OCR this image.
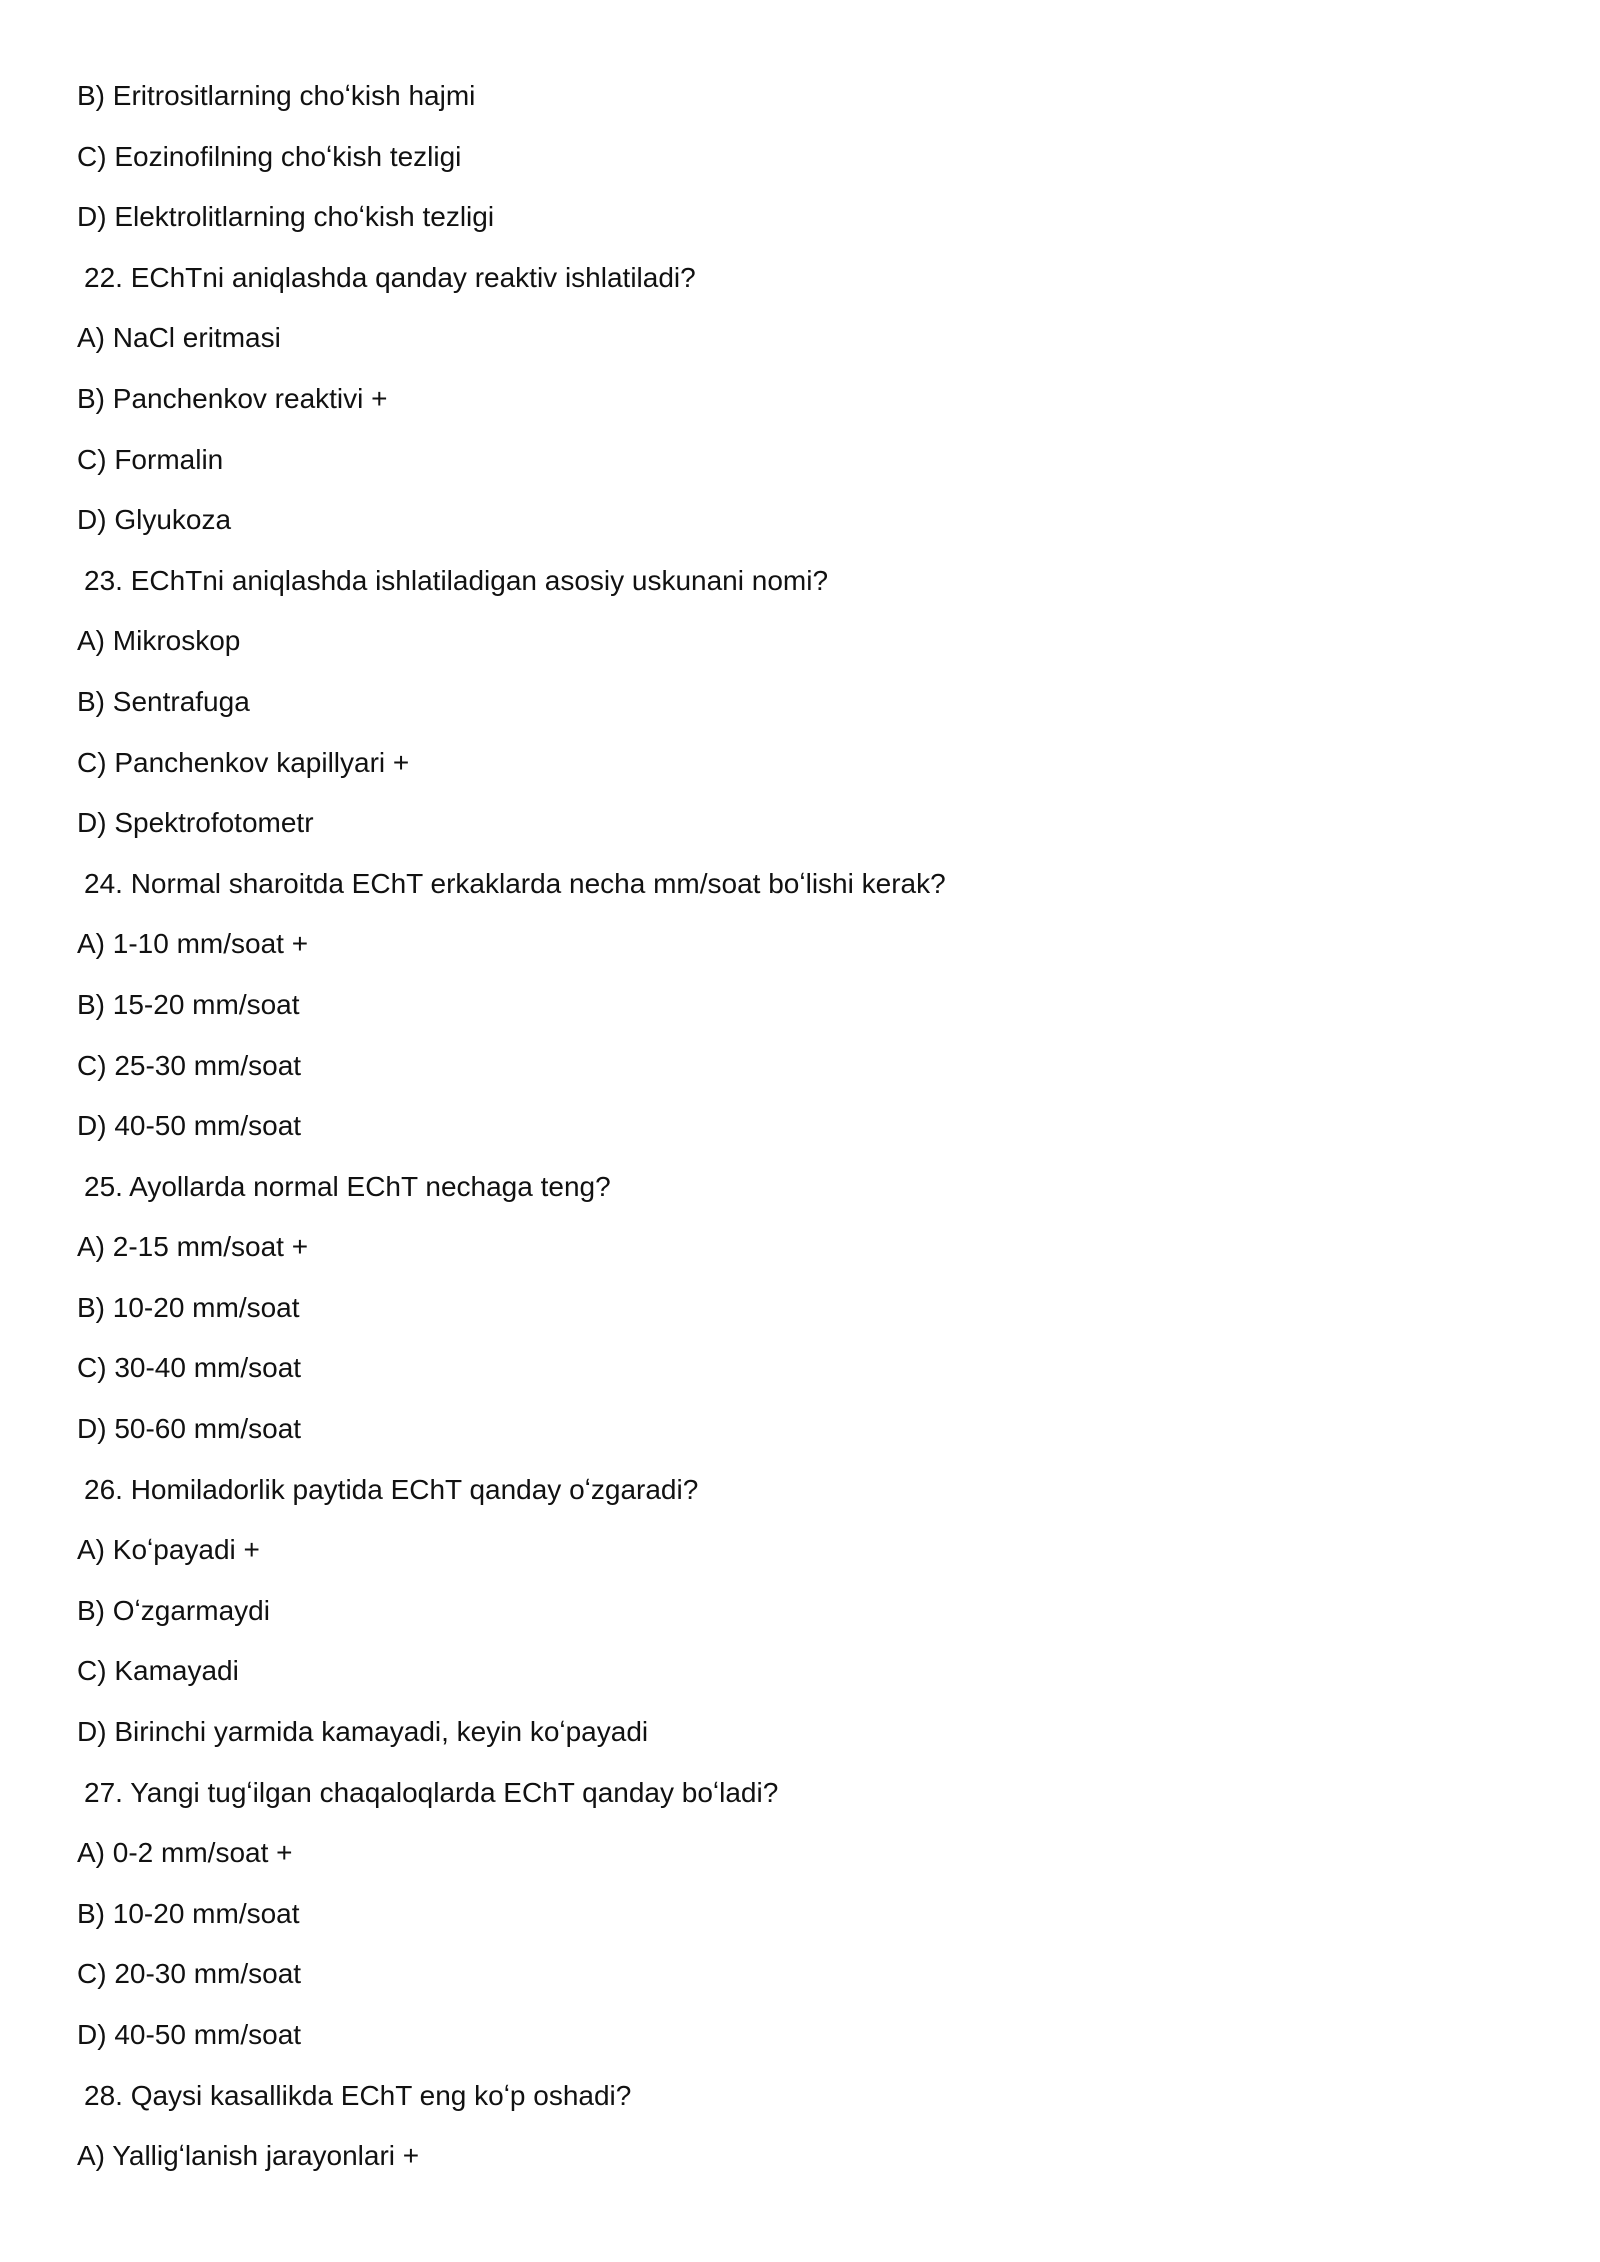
B) Eritrositlarning choʻkish hajmi
C) Eozinofilning choʻkish tezligi
D) Elektrolitlarning choʻkish tezligi
22. EChTni aniqlashda qanday reaktiv ishlatiladi?
A) NaCl eritmasi
B) Panchenkov reaktivi +
C) Formalin
D) Glyukoza
23. EChTni aniqlashda ishlatiladigan asosiy uskunani nomi?
A) Mikroskop
B) Sentrafuga
C) Panchenkov kapillyari +
D) Spektrofotometr
24. Normal sharoitda EChT erkaklarda necha mm/soat boʻlishi kerak?
A) 1-10 mm/soat +
B) 15-20 mm/soat
C) 25-30 mm/soat
D) 40-50 mm/soat
25. Ayollarda normal EChT nechaga teng?
A) 2-15 mm/soat +
B) 10-20 mm/soat
C) 30-40 mm/soat
D) 50-60 mm/soat
26. Homiladorlik paytida EChT qanday oʻzgaradi?
A) Koʻpayadi +
B) Oʻzgarmaydi
C) Kamayadi
D) Birinchi yarmida kamayadi, keyin koʻpayadi
27. Yangi tugʻilgan chaqaloqlarda EChT qanday boʻladi?
A) 0-2 mm/soat +
B) 10-20 mm/soat
C) 20-30 mm/soat
D) 40-50 mm/soat
28. Qaysi kasallikda EChT eng koʻp oshadi?
A) Yalligʻlanish jarayonlari +
